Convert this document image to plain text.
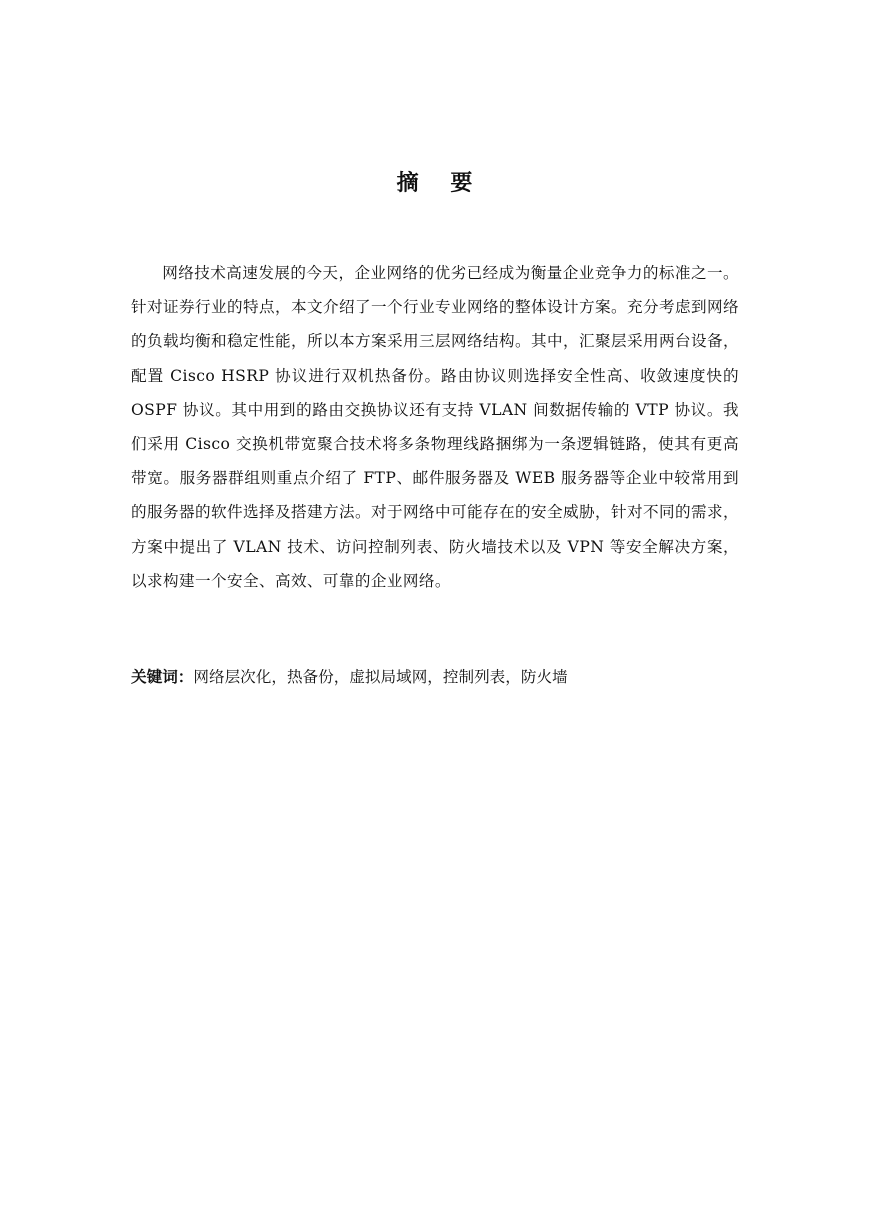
摘 要

网络技术高速发展的今天，企业网络的优劣已经成为衡量企业竞争力的标准之一。针对证券行业的特点，本文介绍了一个行业专业网络的整体设计方案。充分考虑到网络的负载均衡和稳定性能，所以本方案采用三层网络结构。其中，汇聚层采用两台设备，配置 Cisco HSRP 协议进行双机热备份。路由协议则选择安全性高、收敛速度快的 OSPF 协议。其中用到的路由交换协议还有支持 VLAN 间数据传输的 VTP 协议。我们采用 Cisco 交换机带宽聚合技术将多条物理线路捆绑为一条逻辑链路，使其有更高带宽。服务器群组则重点介绍了 FTP、邮件服务器及 WEB 服务器等企业中较常用到的服务器的软件选择及搭建方法。对于网络中可能存在的安全威胁，针对不同的需求，方案中提出了 VLAN 技术、访问控制列表、防火墙技术以及 VPN 等安全解决方案，以求构建一个安全、高效、可靠的企业网络。

关键词：网络层次化，热备份，虚拟局域网，控制列表，防火墙
